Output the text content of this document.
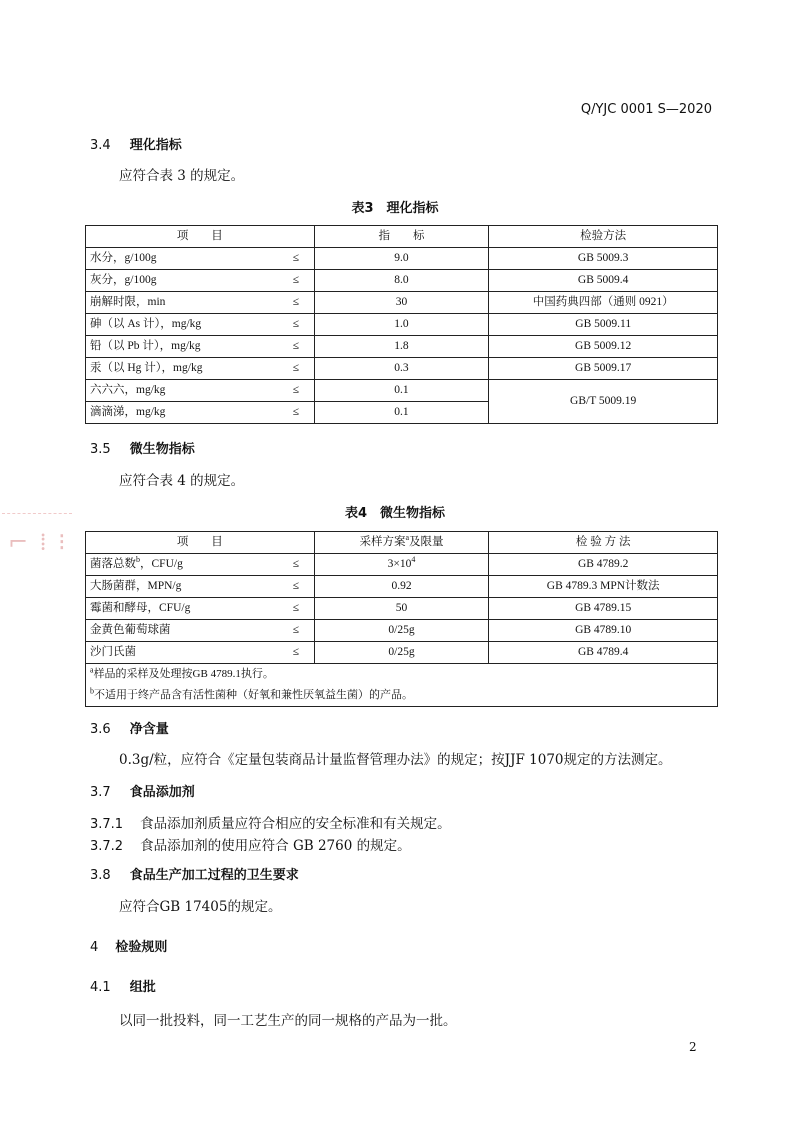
⌐ ⁞ ⁝
Q/YJC 0001 S—2020
3.4 理化指标
应符合表 3 的规定。
表3　理化指标
项　　目		指　　标	检验方法
水分，g/100g	≤	9.0	GB 5009.3
灰分，g/100g	≤	8.0	GB 5009.4
崩解时限，min	≤	30	中国药典四部（通则 0921）
砷（以 As 计），mg/kg	≤	1.0	GB 5009.11
铅（以 Pb 计），mg/kg	≤	1.8	GB 5009.12
汞（以 Hg 计），mg/kg	≤	0.3	GB 5009.17
六六六，mg/kg	≤	0.1	GB/T 5009.19
滴滴涕，mg/kg	≤	0.1	
3.5 微生物指标
应符合表 4 的规定。
表4　微生物指标
项　　目		采样方案$^a$及限量	检 验 方 法
菌落总数$^b$，CFU/g	≤	$3\times 10^4$	GB 4789.2
大肠菌群，MPN/g	≤	0.92	GB 4789.3 MPN计数法
霉菌和酵母，CFU/g	≤	50	GB 4789.15
金黄色葡萄球菌	≤	0/25g	GB 4789.10
沙门氏菌	≤	0/25g	GB 4789.4
$^a$样品的采样及处理按GB 4789.1执行。			
$^b$不适用于终产品含有活性菌种（好氧和兼性厌氧益生菌）的产品。			
3.6 净含量
0.3g/粒，应符合《定量包装商品计量监督管理办法》的规定；按JJF 1070规定的方法测定。
3.7 食品添加剂
3.7.1 食品添加剂质量应符合相应的安全标准和有关规定。
3.7.2 食品添加剂的使用应符合 GB 2760 的规定。
3.8 食品生产加工过程的卫生要求
应符合GB 17405的规定。
4 检验规则
4.1 组批
以同一批投料，同一工艺生产的同一规格的产品为一批。
2
